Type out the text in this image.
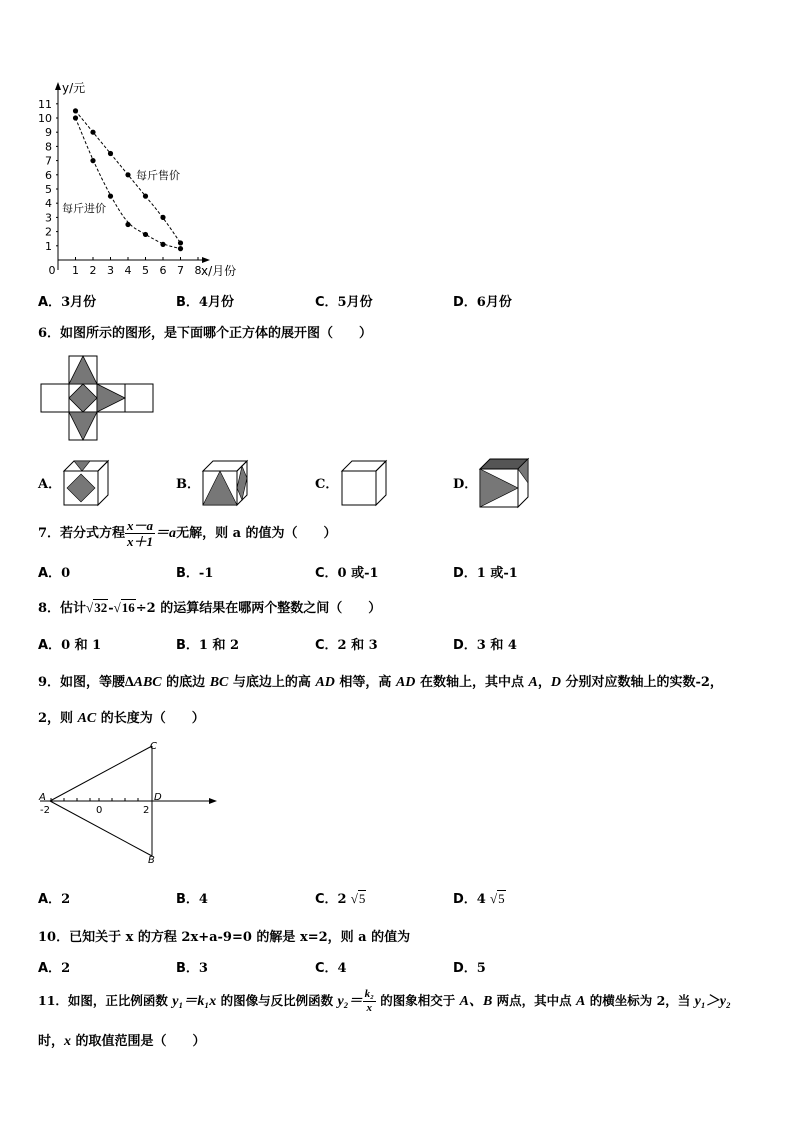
y/元
x/月份
11
10
9
8
7
6
5
4
3
2
1
0 1 2 3 4 5 6 7 8
每斤售价
每斤进价
A．3月份	B．4月份	C．5月份	D．6月份
6．如图所示的图形，是下面哪个正方体的展开图（　　）
A．	B．	C．	D．
7．若分式方程 $\frac{x-a}{x+1} =a$无解，则 a 的值为（　　）
A．0	B．-1	C．0 或-1	D．1 或-1
8．估计√32-√16÷2 的运算结果在哪两个整数之间（　　）
A．0 和 1	B．1 和 2	C．2 和 3	D．3 和 4
9．如图，等腰∆ABC 的底边 BC 与底边上的高 AD 相等，高 AD 在数轴上，其中点 A，D 分别对应数轴上的实数-2，
2，则 AC 的长度为（　　）
C
A	D
B
-2	0	2
A．2	B．4	C．2 √5	D．4 √5
10．已知关于 x 的方程 2x+a-9=0 的解是 x=2，则 a 的值为
A．2	B．3	C．4	D．5
11．如图，正比例函数 y₁＝k₁x 的图像与反比例函数 $y_2= \frac{\text{k₂}}{x}$ 的图象相交于 A、B 两点，其中点 A 的横坐标为 2，当 y₁＞y₂
时，x 的取值范围是（　　）
